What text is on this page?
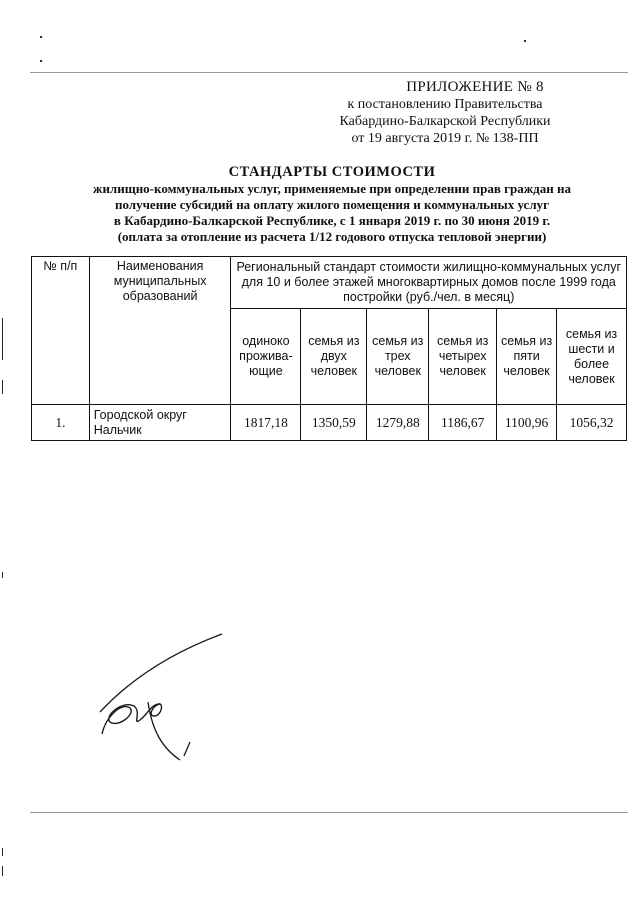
ПРИЛОЖЕНИЕ № 8
к постановлению Правительства
Кабардино-Балкарской Республики
от 19 августа 2019 г. № 138-ПП
СТАНДАРТЫ СТОИМОСТИ
жилищно-коммунальных услуг, применяемые при определении прав граждан на
получение субсидий на оплату жилого помещения и коммунальных услуг
в Кабардино-Балкарской Республике, с 1 января 2019 г. по 30 июня 2019 г.
(оплата за отопление из расчета 1/12 годового отпуска тепловой энергии)
№ п/п	Наименования муниципальных образований	Региональный стандарт стоимости жилищно-коммунальных услуг для 10 и более этажей многоквартирных домов после 1999 года постройки (руб./чел. в месяц)					
		одиноко прожива-ющие	семья из двух человек	семья из трех человек	семья из четырех человек	семья из пяти человек	семья из шести и более человек
1.	Городской округ Нальчик	1817,18	1350,59	1279,88	1186,67	1100,96	1056,32
